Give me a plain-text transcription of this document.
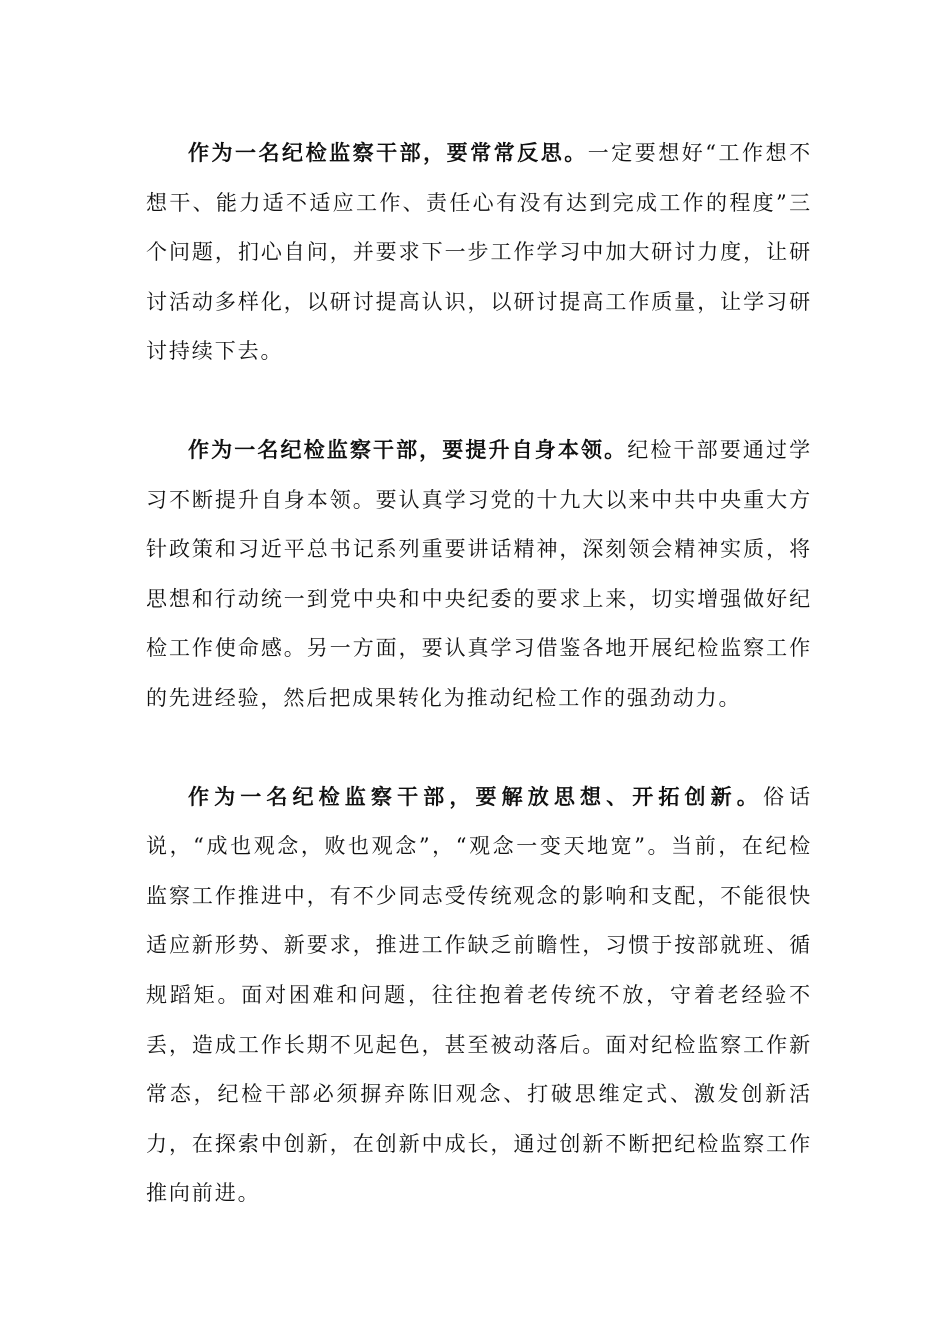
作为一名纪检监察干部，要常常反思。一定要想好“工作想不想干、能力适不适应工作、责任心有没有达到完成工作的程度”三个问题，扪心自问，并要求下一步工作学习中加大研讨力度，让研讨活动多样化，以研讨提高认识，以研讨提高工作质量，让学习研讨持续下去。

作为一名纪检监察干部，要提升自身本领。纪检干部要通过学习不断提升自身本领。要认真学习党的十九大以来中共中央重大方针政策和习近平总书记系列重要讲话精神，深刻领会精神实质，将思想和行动统一到党中央和中央纪委的要求上来，切实增强做好纪检工作使命感。另一方面，要认真学习借鉴各地开展纪检监察工作的先进经验，然后把成果转化为推动纪检工作的强劲动力。

作为一名纪检监察干部，要解放思想、开拓创新。俗话说，“成也观念，败也观念”，“观念一变天地宽”。当前，在纪检监察工作推进中，有不少同志受传统观念的影响和支配，不能很快适应新形势、新要求，推进工作缺乏前瞻性，习惯于按部就班、循规蹈矩。面对困难和问题，往往抱着老传统不放，守着老经验不丢，造成工作长期不见起色，甚至被动落后。面对纪检监察工作新常态，纪检干部必须摒弃陈旧观念、打破思维定式、激发创新活力，在探索中创新，在创新中成长，通过创新不断把纪检监察工作推向前进。
